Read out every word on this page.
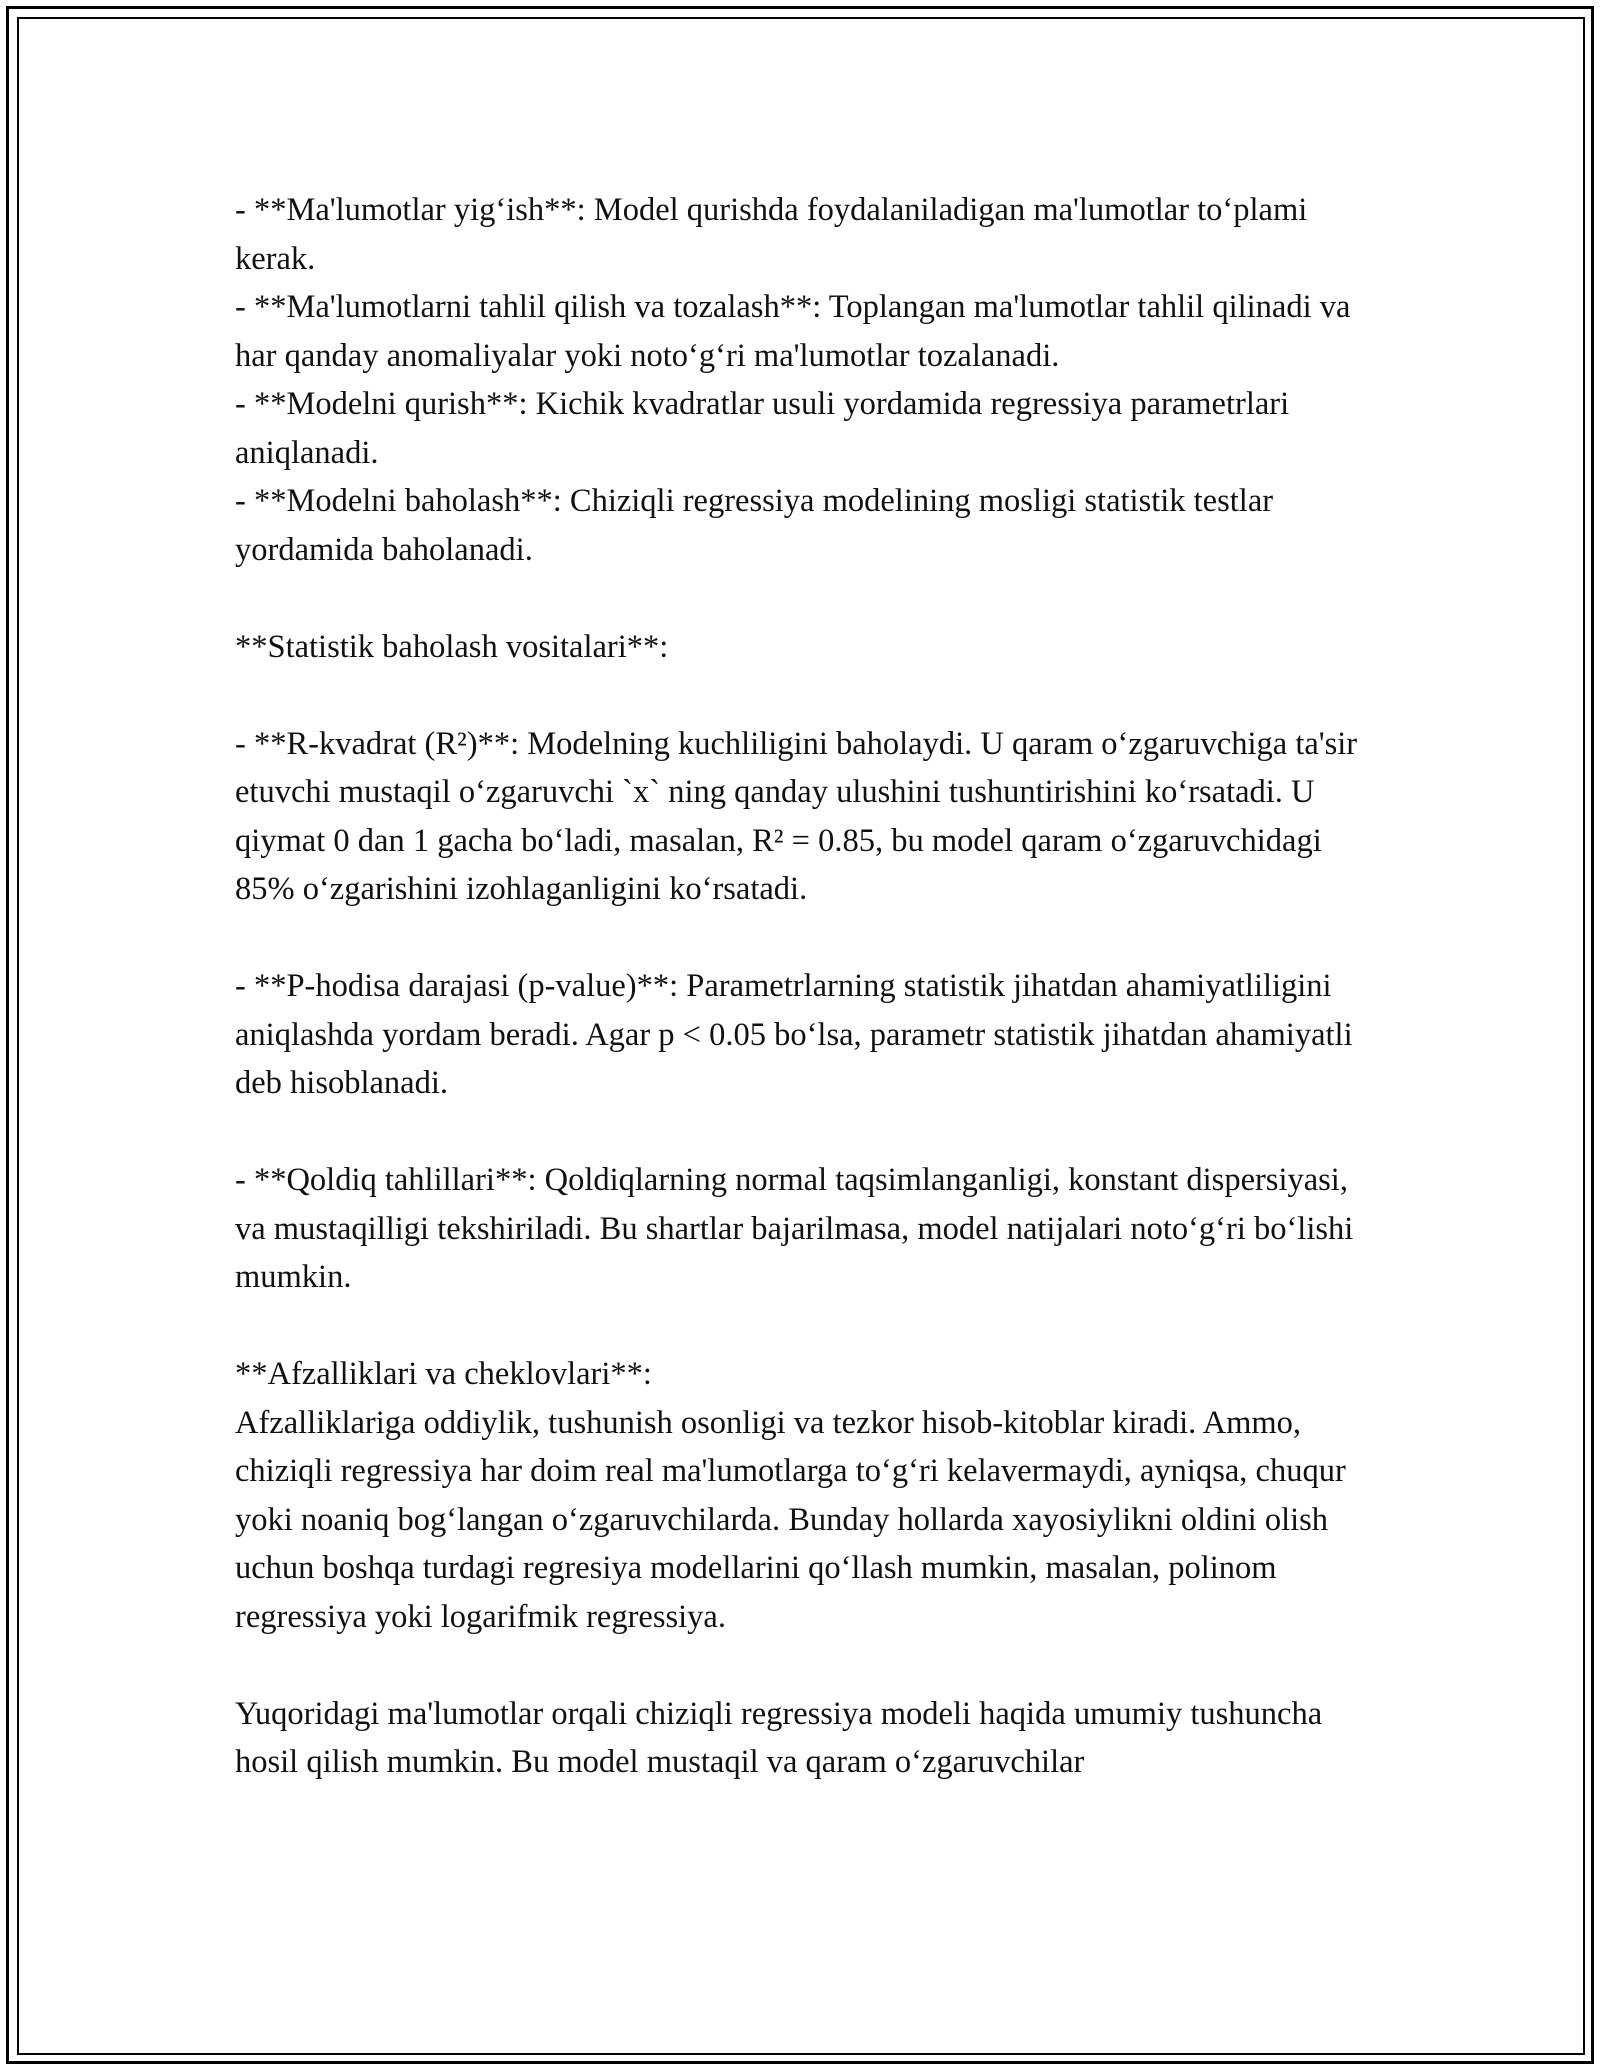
- **Ma'lumotlar yig‘ish**: Model qurishda foydalaniladigan ma'lumotlar to‘plami kerak.

- **Ma'lumotlarni tahlil qilish va tozalash**: Toplangan ma'lumotlar tahlil qilinadi va har qanday anomaliyalar yoki noto‘g‘ri ma'lumotlar tozalanadi.

- **Modelni qurish**: Kichik kvadratlar usuli yordamida regressiya parametrlari aniqlanadi.

- **Modelni baholash**: Chiziqli regressiya modelining mosligi statistik testlar yordamida baholanadi.

**Statistik baholash vositalari**:

- **R-kvadrat (R²)**: Modelning kuchliligini baholaydi. U qaram o‘zgaruvchiga ta'sir etuvchi mustaqil o‘zgaruvchi `x` ning qanday ulushini tushuntirishini ko‘rsatadi. U qiymat 0 dan 1 gacha bo‘ladi, masalan, R² = 0.85, bu model qaram o‘zgaruvchidagi 85% o‘zgarishini izohlaganligini ko‘rsatadi.

- **P-hodisa darajasi (p-value)**: Parametrlarning statistik jihatdan ahamiyatliligini aniqlashda yordam beradi. Agar p < 0.05 bo‘lsa, parametr statistik jihatdan ahamiyatli deb hisoblanadi.

- **Qoldiq tahlillari**: Qoldiqlarning normal taqsimlanganligi, konstant dispersiyasi, va mustaqilligi tekshiriladi. Bu shartlar bajarilmasa, model natijalari noto‘g‘ri bo‘lishi mumkin.

**Afzalliklari va cheklovlari**:

Afzalliklariga oddiylik, tushunish osonligi va tezkor hisob-kitoblar kiradi. Ammo, chiziqli regressiya har doim real ma'lumotlarga to‘g‘ri kelavermaydi, ayniqsa, chuqur yoki noaniq bog‘langan o‘zgaruvchilarda. Bunday hollarda xayosiylikni oldini olish uchun boshqa turdagi regresiya modellarini qo‘llash mumkin, masalan, polinom regressiya yoki logarifmik regressiya.

Yuqoridagi ma'lumotlar orqali chiziqli regressiya modeli haqida umumiy tushuncha hosil qilish mumkin. Bu model mustaqil va qaram o‘zgaruvchilar
